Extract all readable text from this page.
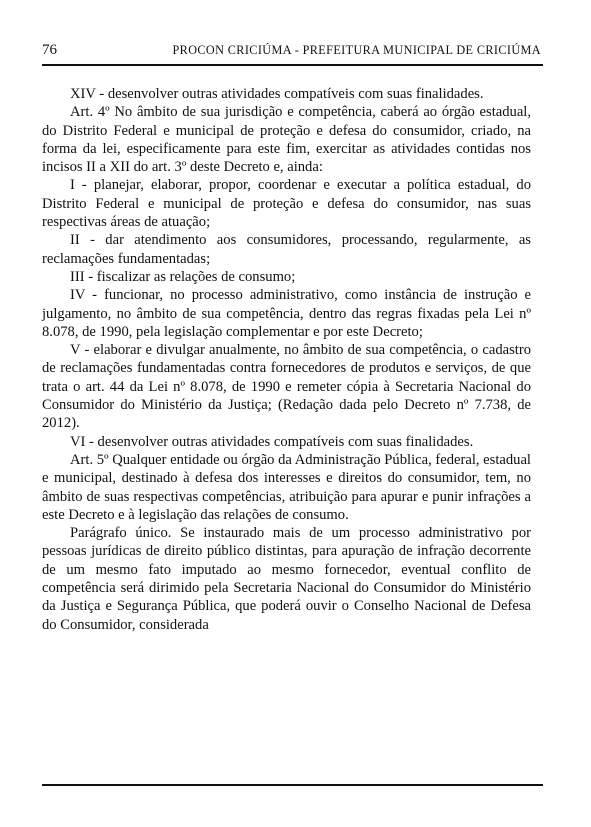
76	PROCON CRICIÚMA - PREFEITURA MUNICIPAL DE CRICIÚMA

XIV - desenvolver outras atividades compatíveis com suas finalidades.

Art. 4º No âmbito de sua jurisdição e competência, caberá ao órgão estadual, do Distrito Federal e municipal de proteção e defesa do consumidor, criado, na forma da lei, especificamente para este fim, exercitar as atividades contidas nos incisos II a XII do art. 3º deste Decreto e, ainda:

I - planejar, elaborar, propor, coordenar e executar a política estadual, do Distrito Federal e municipal de proteção e defesa do consumidor, nas suas respectivas áreas de atuação;

II - dar atendimento aos consumidores, processando, regularmente, as reclamações fundamentadas;

III - fiscalizar as relações de consumo;

IV - funcionar, no processo administrativo, como instância de instrução e julgamento, no âmbito de sua competência, dentro das regras fixadas pela Lei nº 8.078, de 1990, pela legislação complementar e por este Decreto;

V - elaborar e divulgar anualmente, no âmbito de sua competência, o cadastro de reclamações fundamentadas contra fornecedores de produtos e serviços, de que trata o art. 44 da Lei nº 8.078, de 1990 e remeter cópia à Secretaria Nacional do Consumidor do Ministério da Justiça; (Redação dada pelo Decreto nº 7.738, de 2012).

VI - desenvolver outras atividades compatíveis com suas finalidades.

Art. 5º Qualquer entidade ou órgão da Administração Pública, federal, estadual e municipal, destinado à defesa dos interesses e direitos do consumidor, tem, no âmbito de suas respectivas competências, atribuição para apurar e punir infrações a este Decreto e à legislação das relações de consumo.

Parágrafo único. Se instaurado mais de um processo administrativo por pessoas jurídicas de direito público distintas, para apuração de infração decorrente de um mesmo fato imputado ao mesmo fornecedor, eventual conflito de competência será dirimido pela Secretaria Nacional do Consumidor do Ministério da Justiça e Segurança Pública, que poderá ouvir o Conselho Nacional de Defesa do Consumidor, considerada
